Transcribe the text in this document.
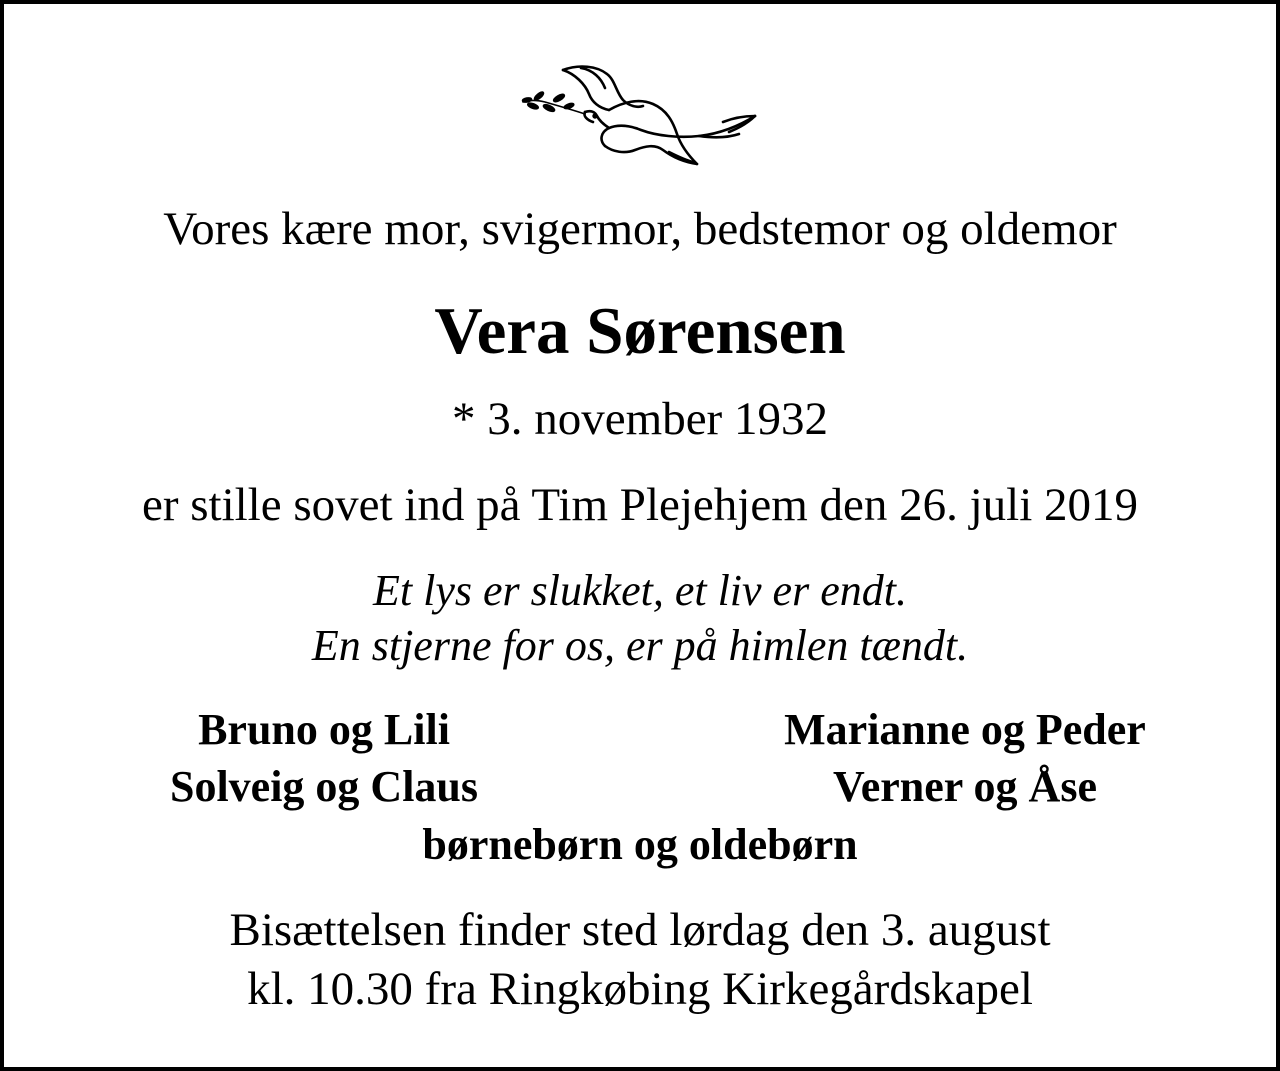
Vores kære mor, svigermor, bedstemor og oldemor
Vera Sørensen
* 3. november 1932
er stille sovet ind på Tim Plejehjem den 26. juli 2019
Et lys er slukket, et liv er endt.
En stjerne for os, er på himlen tændt.
Bruno og Lili
Solveig og Claus
Marianne og Peder
Verner og Åse
børnebørn og oldebørn
Bisættelsen finder sted lørdag den 3. august
kl. 10.30 fra Ringkøbing Kirkegårdskapel
